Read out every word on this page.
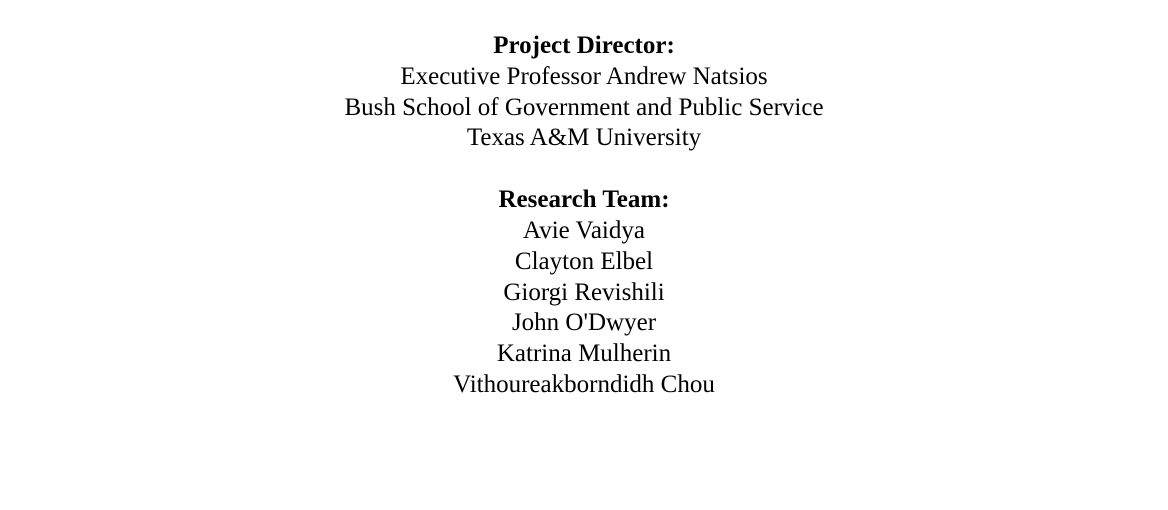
Project Director:

Executive Professor Andrew Natsios

Bush School of Government and Public Service

Texas A&M University

Research Team:

Avie Vaidya

Clayton Elbel

Giorgi Revishili

John O'Dwyer

Katrina Mulherin

Vithoureakborndidh Chou
